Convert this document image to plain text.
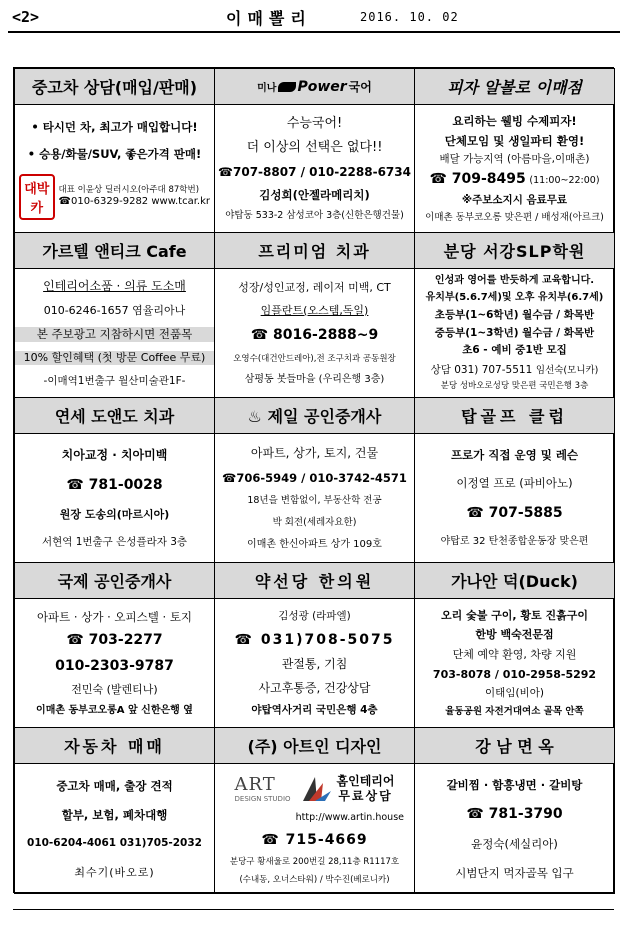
<2>	이매뽈리	2016. 10. 02
중고차 상담(매입/판매)
• 타시던 차, 최고가 매입합니다!
• 승용/화물/SUV, 좋은가격 판매!
대박카
대표 이윤상 딜러시오(아주대 87학번)
☎010-6329-9282 www.tcar.kr
미나 Power 국어
수능국어!
더 이상의 선택은 없다!!
☎707-8807 / 010-2288-6734
김성희(안젤라메리치)
야탑동 533-2 삼성코아 3층(신한은행건물)
피자 알볼로 이매점
요리하는 웰빙 수제피자!
단체모임 및 생일파티 환영!
배달 가능지역 (아름마을,이매촌)
☎ 709-8495 (11:00~22:00)
※주보소지시 음료무료
이매촌 동부코오롱 맞은편 / 배성재(아르크)
가르텔 앤티크 Cafe
인테리어소품 · 의류 도소매
010-6246-1657 염율리아나
본 주보광고 지참하시면 전품목
10% 할인혜택 (첫 방문 Coffee 무료)
-이매역1번출구 월산미술관1F-
프리미엄 치과
성장/성인교정, 레이저 미백, CT
임플란트(오스템,독일)
☎ 8016-2888~9
오영수(대건안드레아),전 조구치과 공동원장
삼평동 봇들마을 (우리은행 3층)
분당 서강SLP학원
인성과 영어를 반듯하게 교육합니다.
유치부(5.6.7세)및 오후 유치부(6.7세)
초등부(1~6학년) 월수금 / 화목반
중등부(1~3학년) 월수금 / 화목반
초6 - 예비 중1반 모집
상담 031) 707-5511 임선숙(모니카)
분당 성바오로성당 맞은편 국민은행 3층
연세 도앤도 치과
치아교정 · 치아미백
☎ 781-0028
원장 도송의(마르시아)
서현역 1번출구 은성플라자 3층
♨ 제일 공인중개사
아파트, 상가, 토지, 건물
☎706-5949 / 010-3742-4571
18년을 변함없이, 부동산학 전공
박 회전(세레자요한)
이매촌 한신아파트 상가 109호
탑골프 클럽
프로가 직접 운영 및 레슨
이정열 프로 (파비아노)
☎ 707-5885
야탑로 32 탄천종합운동장 맞은편
국제 공인중개사
아파트 · 상가 · 오피스텔 · 토지
☎ 703-2277
010-2303-9787
전민숙 (발렌티나)
이매촌 동부코오롱A 앞 신한은행 옆
약선당 한의원
김성광 (라파엘)
☎ 031)708-5075
관절통, 기침
사고후통증, 건강상담
야탑역사거리 국민은행 4층
가나안 덕(Duck)
오리 숯불 구이, 황토 진흙구이
한방 백숙전문점
단체 예약 환영, 차량 지원
703-8078 / 010-2958-5292
이태임(비아)
율동공원 자전거대여소 골목 안쪽
자동차 매매
중고차 매매, 출장 견적
할부, 보험, 폐차대행
010-6204-4061 031)705-2032
최수기(바오로)
(주) 아트인 디자인
ART
DESIGN STUDIO
홈인테리어
무료상담
http://www.artin.house
☎ 715-4669
분당구 황새울로 200번길 28,11층 R1117호
(수내동, 오너스타워) / 박수진(베로니카)
강 남 면 옥
갈비찜 · 함흥냉면 · 갈비탕
☎ 781-3790
윤정숙(세실리아)
시범단지 먹자골목 입구
